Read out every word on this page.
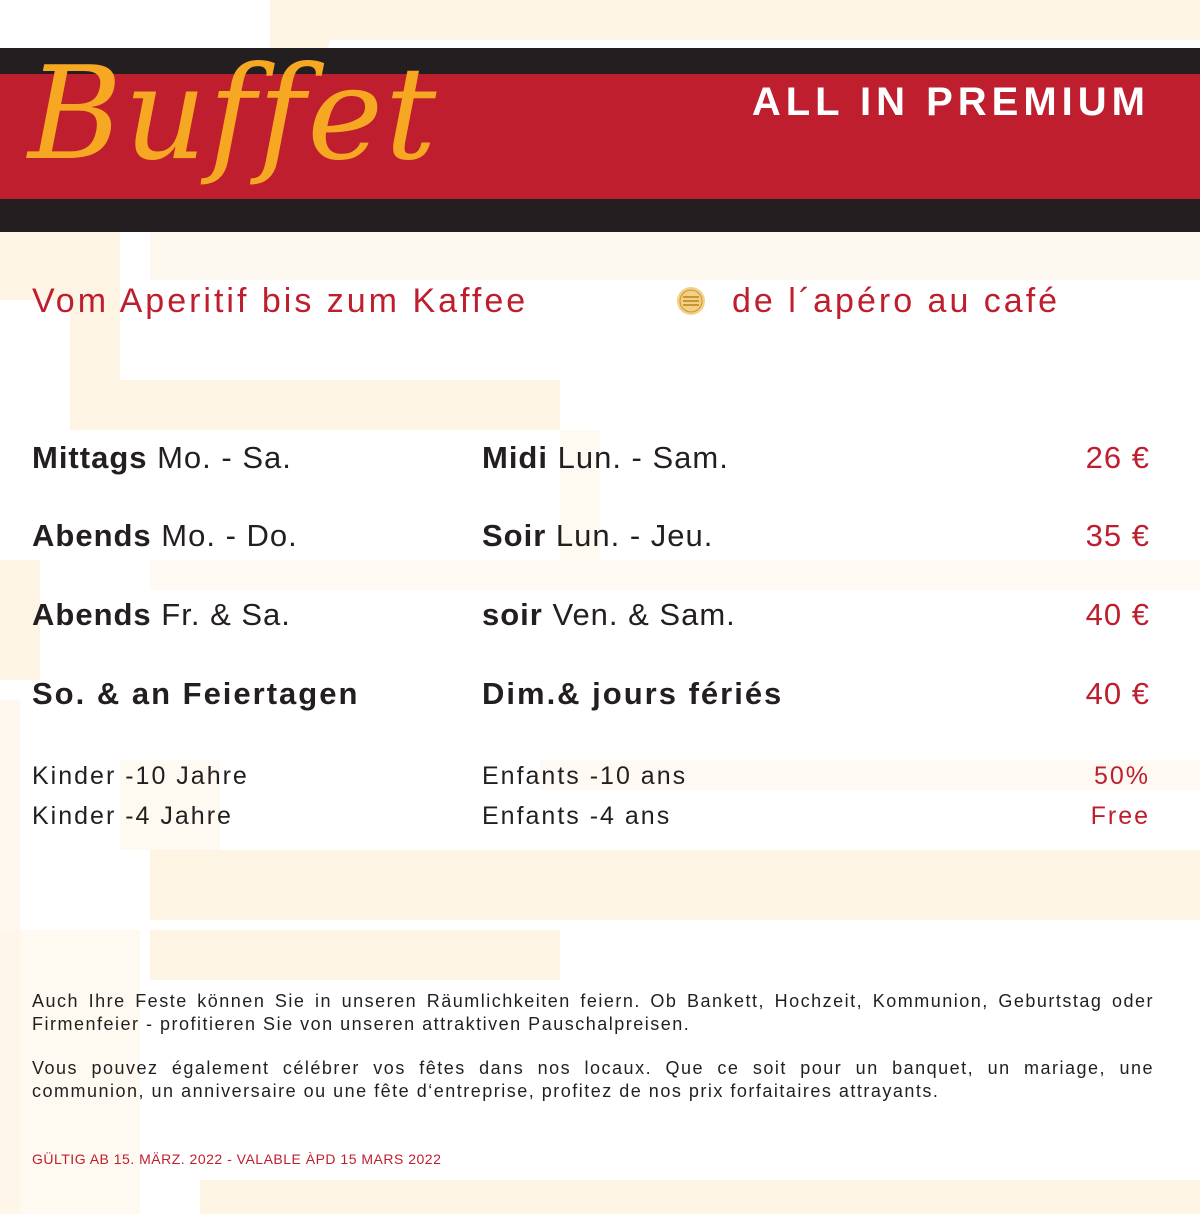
Buffet	ALL IN PREMIUM
Vom Aperitif bis zum Kaffee	de l´apéro au café
Mittags Mo. - Sa.	Midi Lun. - Sam.	26 €
Abends Mo. - Do.	Soir Lun. - Jeu.	35 €
Abends Fr. & Sa.	soir Ven. & Sam.	40 €
So. & an Feiertagen	Dim.& jours fériés	40 €
Kinder -10 Jahre	Enfants -10 ans	50%
Kinder -4 Jahre	Enfants -4 ans	Free
Auch Ihre Feste können Sie in unseren Räumlichkeiten feiern. Ob Bankett, Hochzeit, Kommunion, Geburtstag oder Firmenfeier - profitieren Sie von unseren attraktiven Pauschalpreisen.
Vous pouvez également célébrer vos fêtes dans nos locaux. Que ce soit pour un banquet, un mariage, une communion, un anniversaire ou une fête d‘entreprise, profitez de nos prix forfaitaires attrayants.
GÜLTIG AB 15. MÄRZ. 2022 - VALABLE ÀPD 15 MARS 2022
